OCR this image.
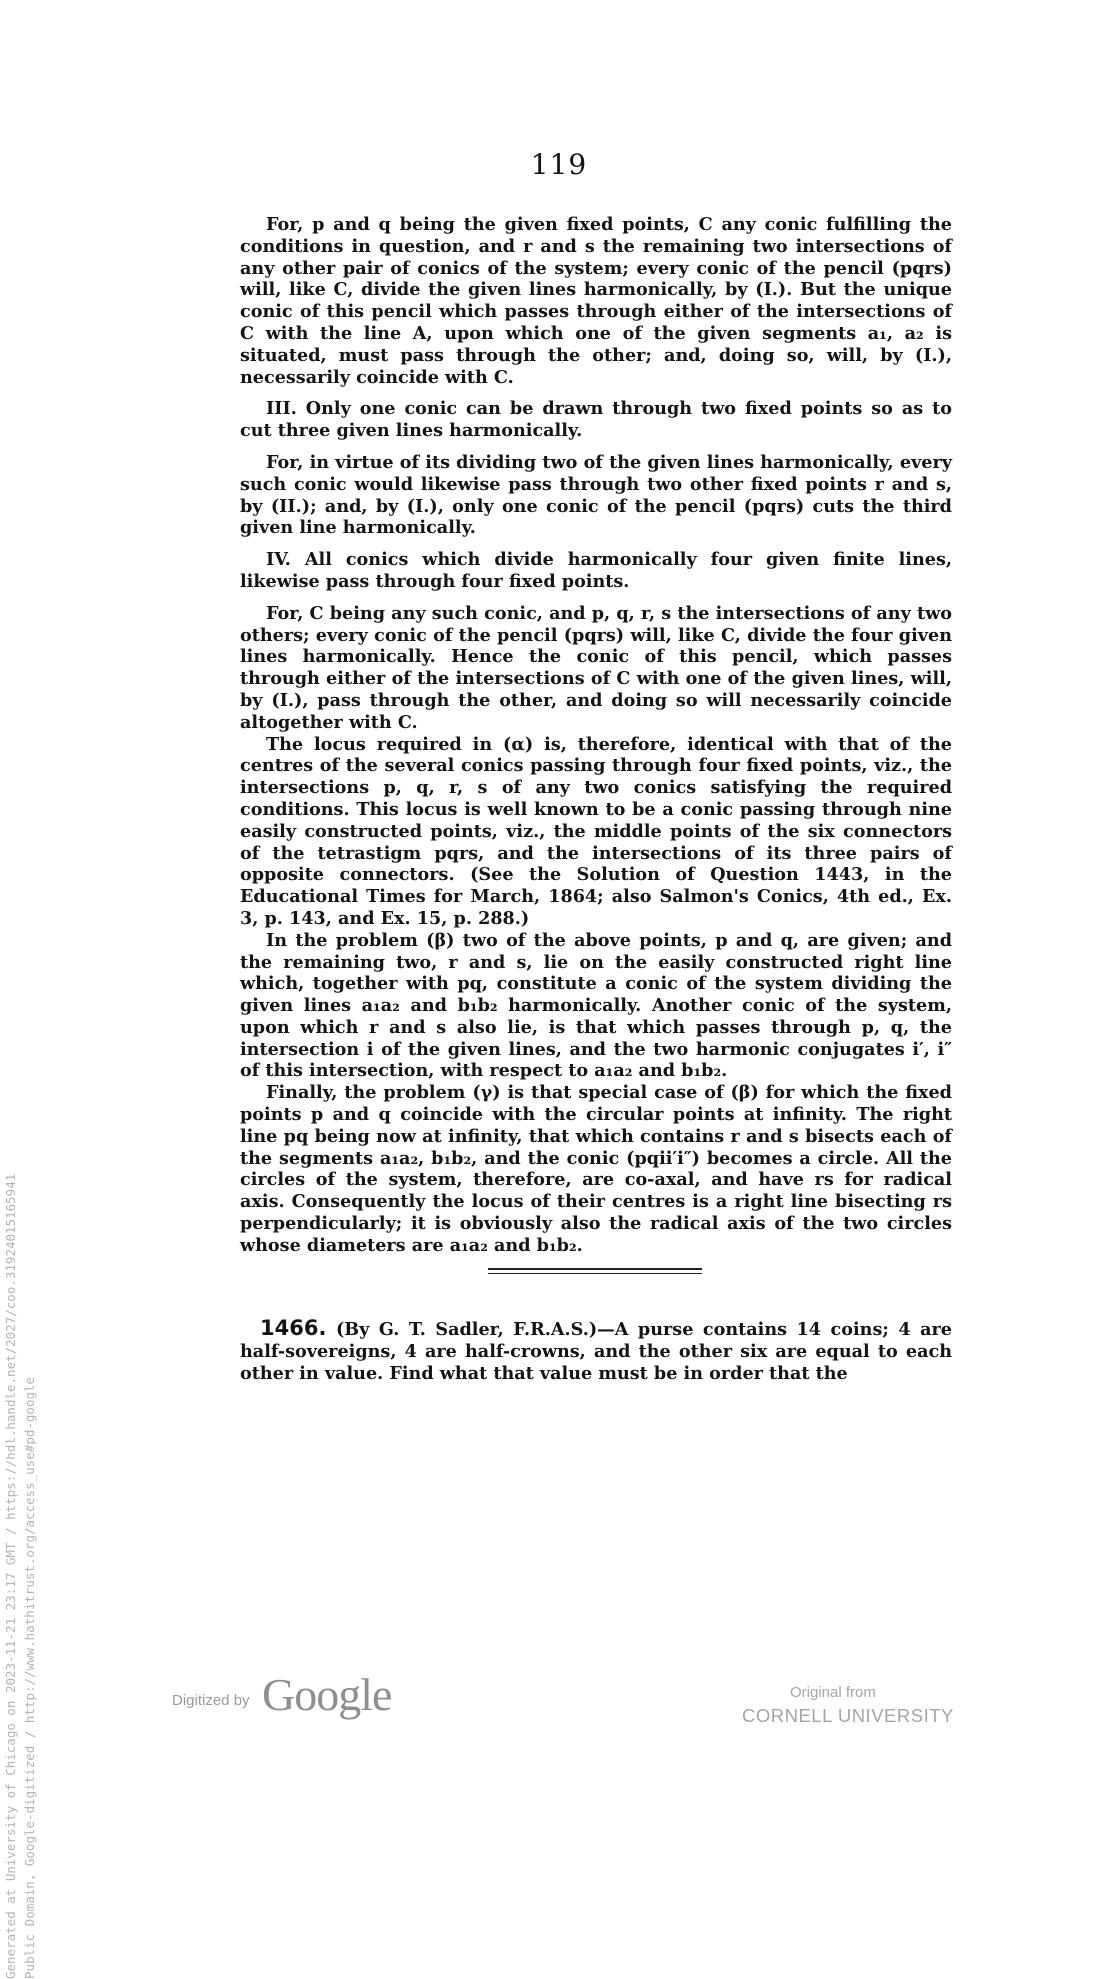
119

For, p and q being the given fixed points, C any conic fulfilling the conditions in question, and r and s the remaining two intersections of any other pair of conics of the system; every conic of the pencil (pqrs) will, like C, divide the given lines harmonically, by (I.). But the unique conic of this pencil which passes through either of the intersections of C with the line A, upon which one of the given segments a₁, a₂ is situated, must pass through the other; and, doing so, will, by (I.), necessarily coincide with C.

III. Only one conic can be drawn through two fixed points so as to cut three given lines harmonically.

For, in virtue of its dividing two of the given lines harmonically, every such conic would likewise pass through two other fixed points r and s, by (II.); and, by (I.), only one conic of the pencil (pqrs) cuts the third given line harmonically.

IV. All conics which divide harmonically four given finite lines, likewise pass through four fixed points.

For, C being any such conic, and p, q, r, s the intersections of any two others; every conic of the pencil (pqrs) will, like C, divide the four given lines harmonically. Hence the conic of this pencil, which passes through either of the intersections of C with one of the given lines, will, by (I.), pass through the other, and doing so will necessarily coincide altogether with C.

The locus required in (α) is, therefore, identical with that of the centres of the several conics passing through four fixed points, viz., the intersections p, q, r, s of any two conics satisfying the required conditions. This locus is well known to be a conic passing through nine easily constructed points, viz., the middle points of the six connectors of the tetrastigm pqrs, and the intersections of its three pairs of opposite connectors. (See the Solution of Question 1443, in the Educational Times for March, 1864; also Salmon's Conics, 4th ed., Ex. 3, p. 143, and Ex. 15, p. 288.)

In the problem (β) two of the above points, p and q, are given; and the remaining two, r and s, lie on the easily constructed right line which, together with pq, constitute a conic of the system dividing the given lines a₁a₂ and b₁b₂ harmonically. Another conic of the system, upon which r and s also lie, is that which passes through p, q, the intersection i of the given lines, and the two harmonic conjugates i′, i″ of this intersection, with respect to a₁a₂ and b₁b₂.

Finally, the problem (γ) is that special case of (β) for which the fixed points p and q coincide with the circular points at infinity. The right line pq being now at infinity, that which contains r and s bisects each of the segments a₁a₂, b₁b₂, and the conic (pqii′i″) becomes a circle. All the circles of the system, therefore, are co-axal, and have rs for radical axis. Consequently the locus of their centres is a right line bisecting rs perpendicularly; it is obviously also the radical axis of the two circles whose diameters are a₁a₂ and b₁b₂.

1466. (By G. T. Sadler, F.R.A.S.)—A purse contains 14 coins; 4 are half-sovereigns, 4 are half-crowns, and the other six are equal to each other in value. Find what that value must be in order that the

Generated at University of Chicago on 2023-11-21 23:17 GMT / https://hdl.handle.net/2027/coo.31924015165941 Public Domain, Google-digitized / http://www.hathitrust.org/access_use#pd-google	Digitized by Google	Original from
CORNELL UNIVERSITY
